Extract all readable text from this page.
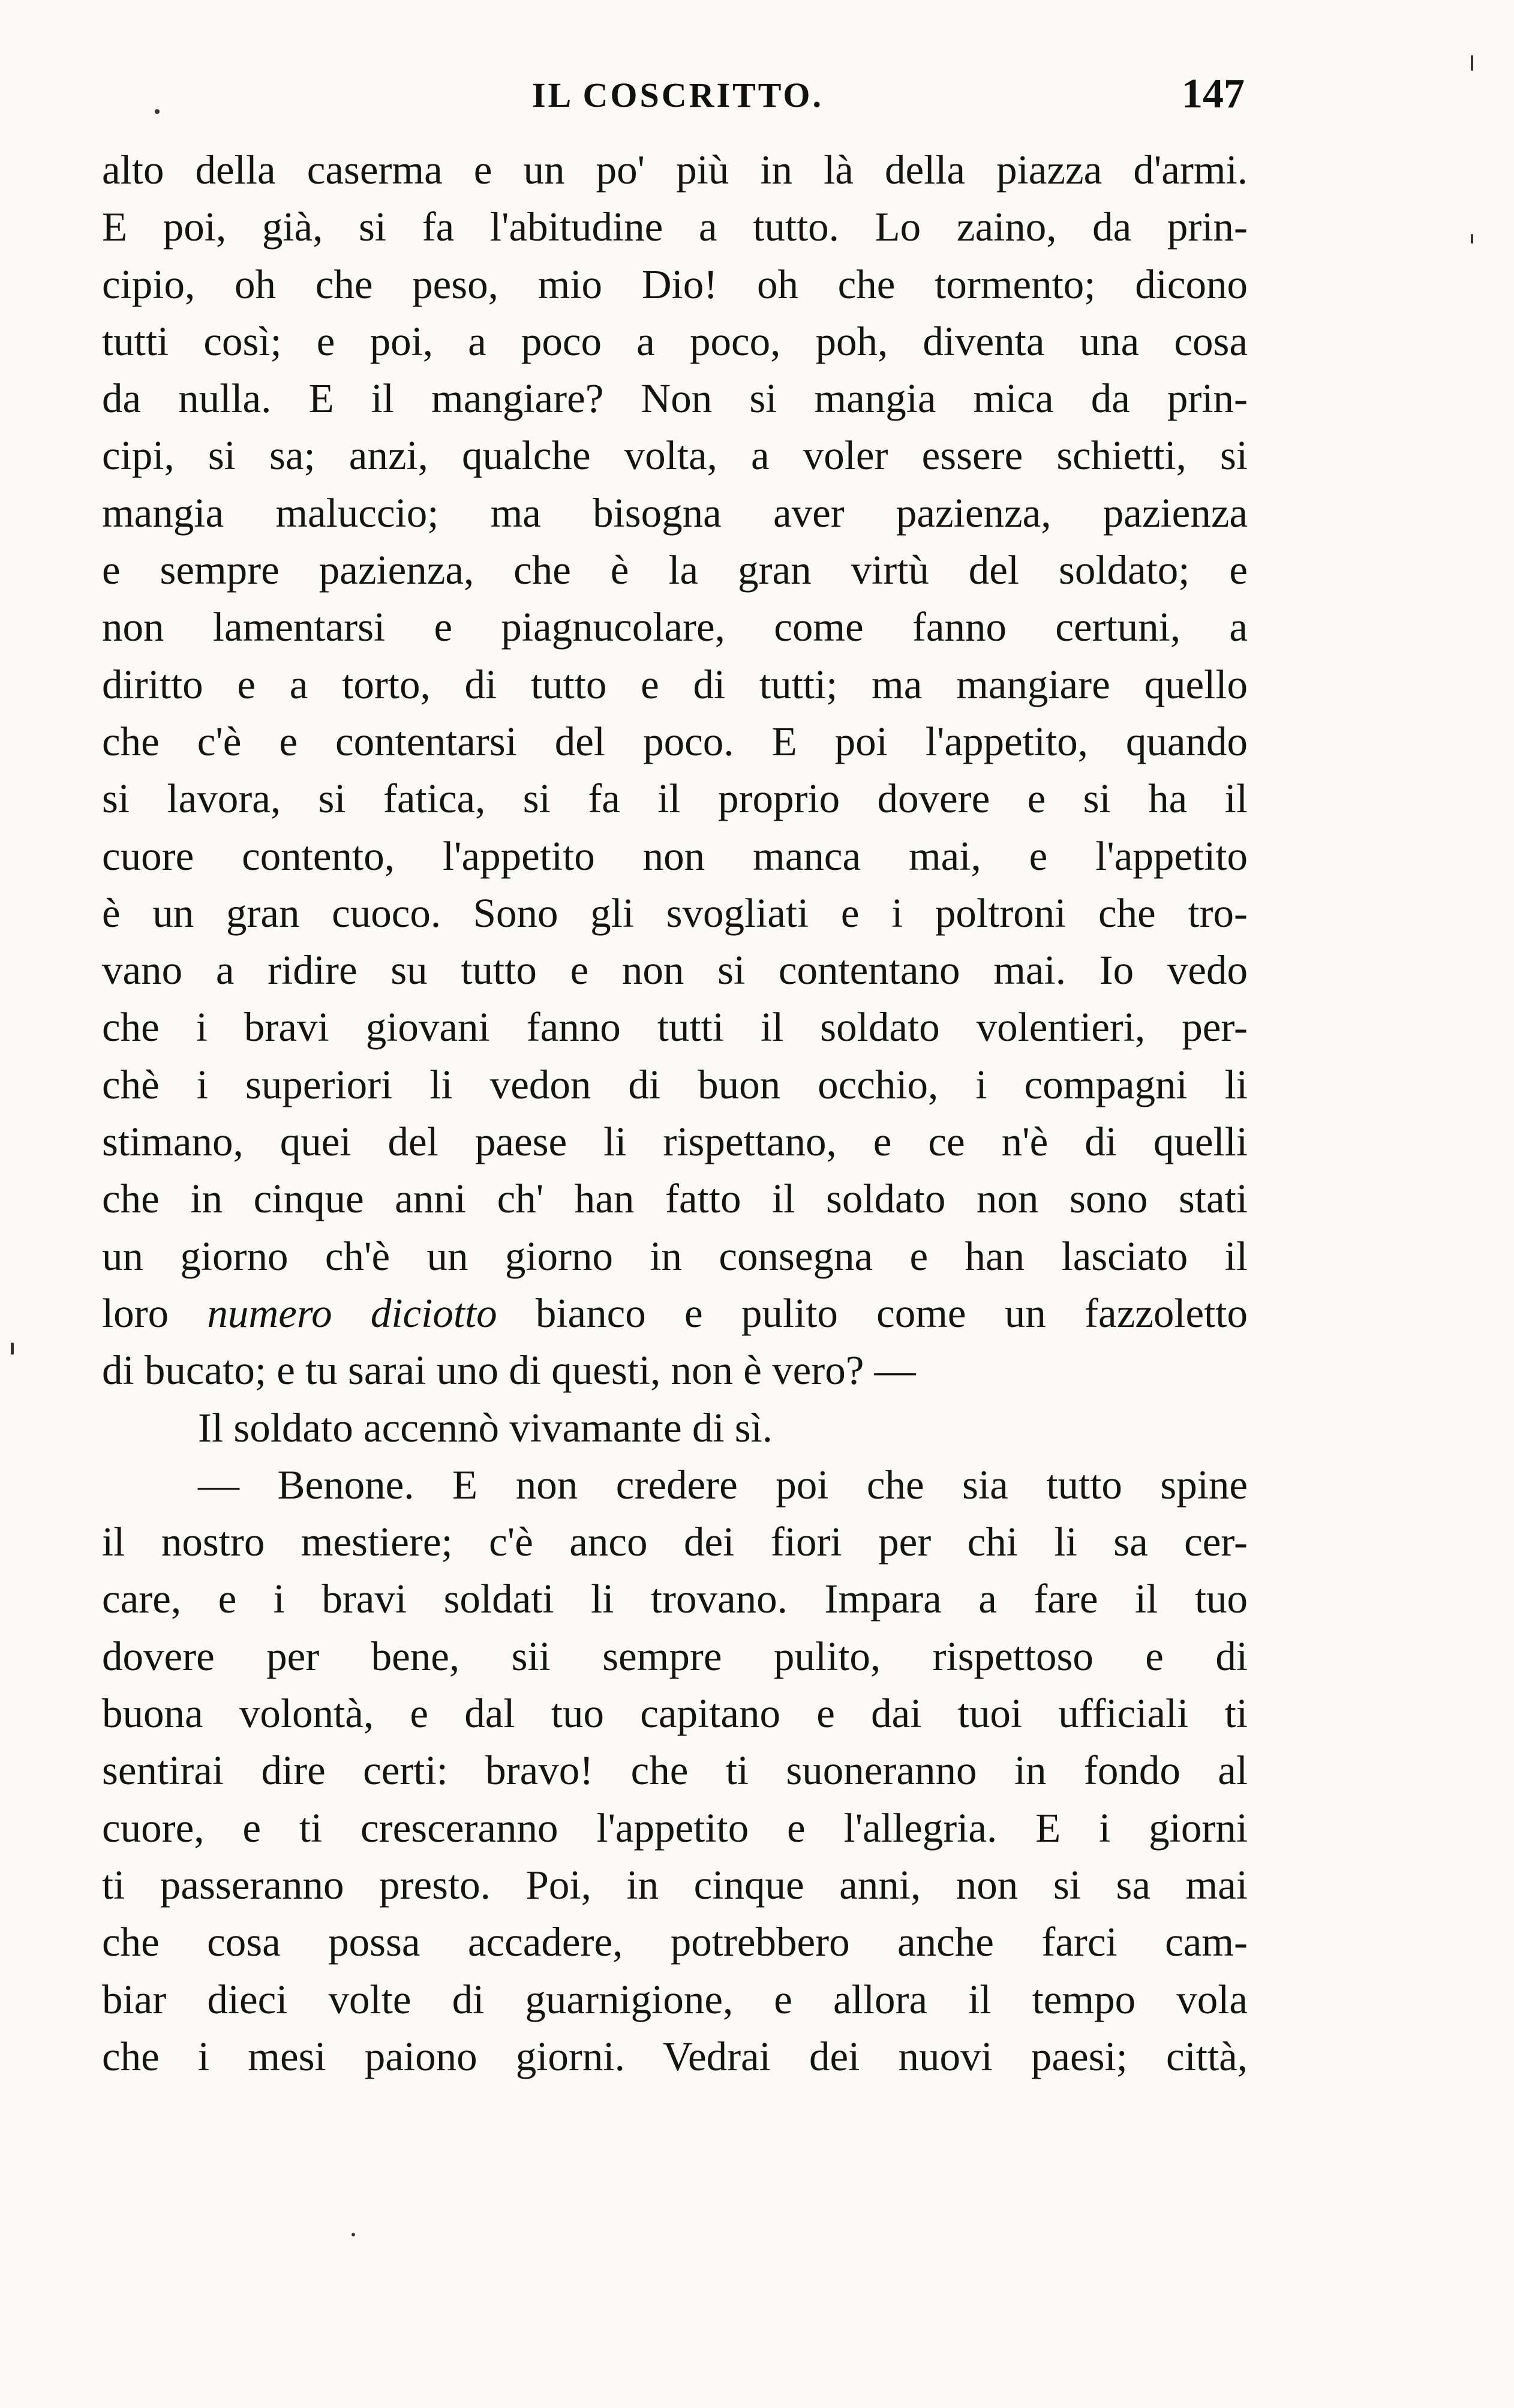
IL COSCRITTO.	147
alto della caserma e un po' più in là della piazza d'armi.
E poi, già, si fa l'abitudine a tutto. Lo zaino, da prin-
cipio, oh che peso, mio Dio! oh che tormento; dicono
tutti così; e poi, a poco a poco, poh, diventa una cosa
da nulla. E il mangiare? Non si mangia mica da prin-
cipi, si sa; anzi, qualche volta, a voler essere schietti, si
mangia maluccio; ma bisogna aver pazienza, pazienza
e sempre pazienza, che è la gran virtù del soldato; e
non lamentarsi e piagnucolare, come fanno certuni, a
diritto e a torto, di tutto e di tutti; ma mangiare quello
che c'è e contentarsi del poco. E poi l'appetito, quando
si lavora, si fatica, si fa il proprio dovere e si ha il
cuore contento, l'appetito non manca mai, e l'appetito
è un gran cuoco. Sono gli svogliati e i poltroni che tro-
vano a ridire su tutto e non si contentano mai. Io vedo
che i bravi giovani fanno tutti il soldato volentieri, per-
chè i superiori li vedon di buon occhio, i compagni li
stimano, quei del paese li rispettano, e ce n'è di quelli
che in cinque anni ch' han fatto il soldato non sono stati
un giorno ch'è un giorno in consegna e han lasciato il
loro numero diciotto bianco e pulito come un fazzoletto
di bucato; e tu sarai uno di questi, non è vero? —
Il soldato accennò vivamante di sì.
— Benone. E non credere poi che sia tutto spine
il nostro mestiere; c'è anco dei fiori per chi li sa cer-
care, e i bravi soldati li trovano. Impara a fare il tuo
dovere per bene, sii sempre pulito, rispettoso e di
buona volontà, e dal tuo capitano e dai tuoi ufficiali ti
sentirai dire certi: bravo! che ti suoneranno in fondo al
cuore, e ti cresceranno l'appetito e l'allegria. E i giorni
ti passeranno presto. Poi, in cinque anni, non si sa mai
che cosa possa accadere, potrebbero anche farci cam-
biar dieci volte di guarnigione, e allora il tempo vola
che i mesi paiono giorni. Vedrai dei nuovi paesi; città,
